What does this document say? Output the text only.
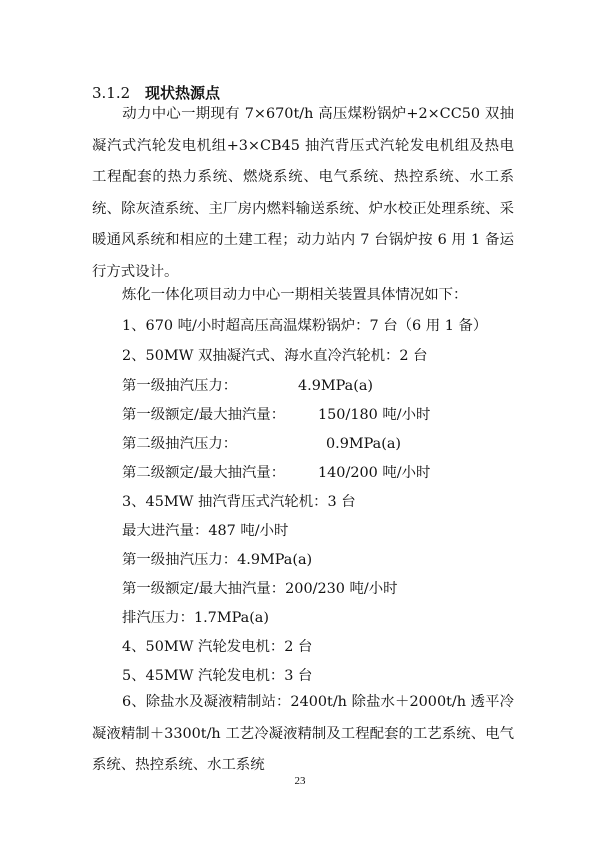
3.1.2 现状热源点
动力中心一期现有 7×670t/h 高压煤粉锅炉+2×CC50 双抽凝汽式汽轮发电机组+3×CB45 抽汽背压式汽轮发电机组及热电工程配套的热力系统、燃烧系统、电气系统、热控系统、水工系统、除灰渣系统、主厂房内燃料输送系统、炉水校正处理系统、采暖通风系统和相应的土建工程；动力站内 7 台锅炉按 6 用 1 备运行方式设计。
炼化一体化项目动力中心一期相关装置具体情况如下：
1、670 吨/小时超高压高温煤粉锅炉：7 台（6 用 1 备）
2、50MW 双抽凝汽式、海水直冷汽轮机：2 台
第一级抽汽压力：	4.9MPa(a)
第一级额定/最大抽汽量： 150/180 吨/小时
第二级抽汽压力：	0.9MPa(a)
第二级额定/最大抽汽量： 140/200 吨/小时
3、45MW 抽汽背压式汽轮机：3 台
最大进汽量：487 吨/小时
第一级抽汽压力：4.9MPa(a)
第一级额定/最大抽汽量：200/230 吨/小时
排汽压力：1.7MPa(a)
4、50MW 汽轮发电机：2 台
5、45MW 汽轮发电机：3 台
6、除盐水及凝液精制站：2400t/h 除盐水＋2000t/h 透平冷凝液精制＋3300t/h 工艺冷凝液精制及工程配套的工艺系统、电气系统、热控系统、水工系统
23
